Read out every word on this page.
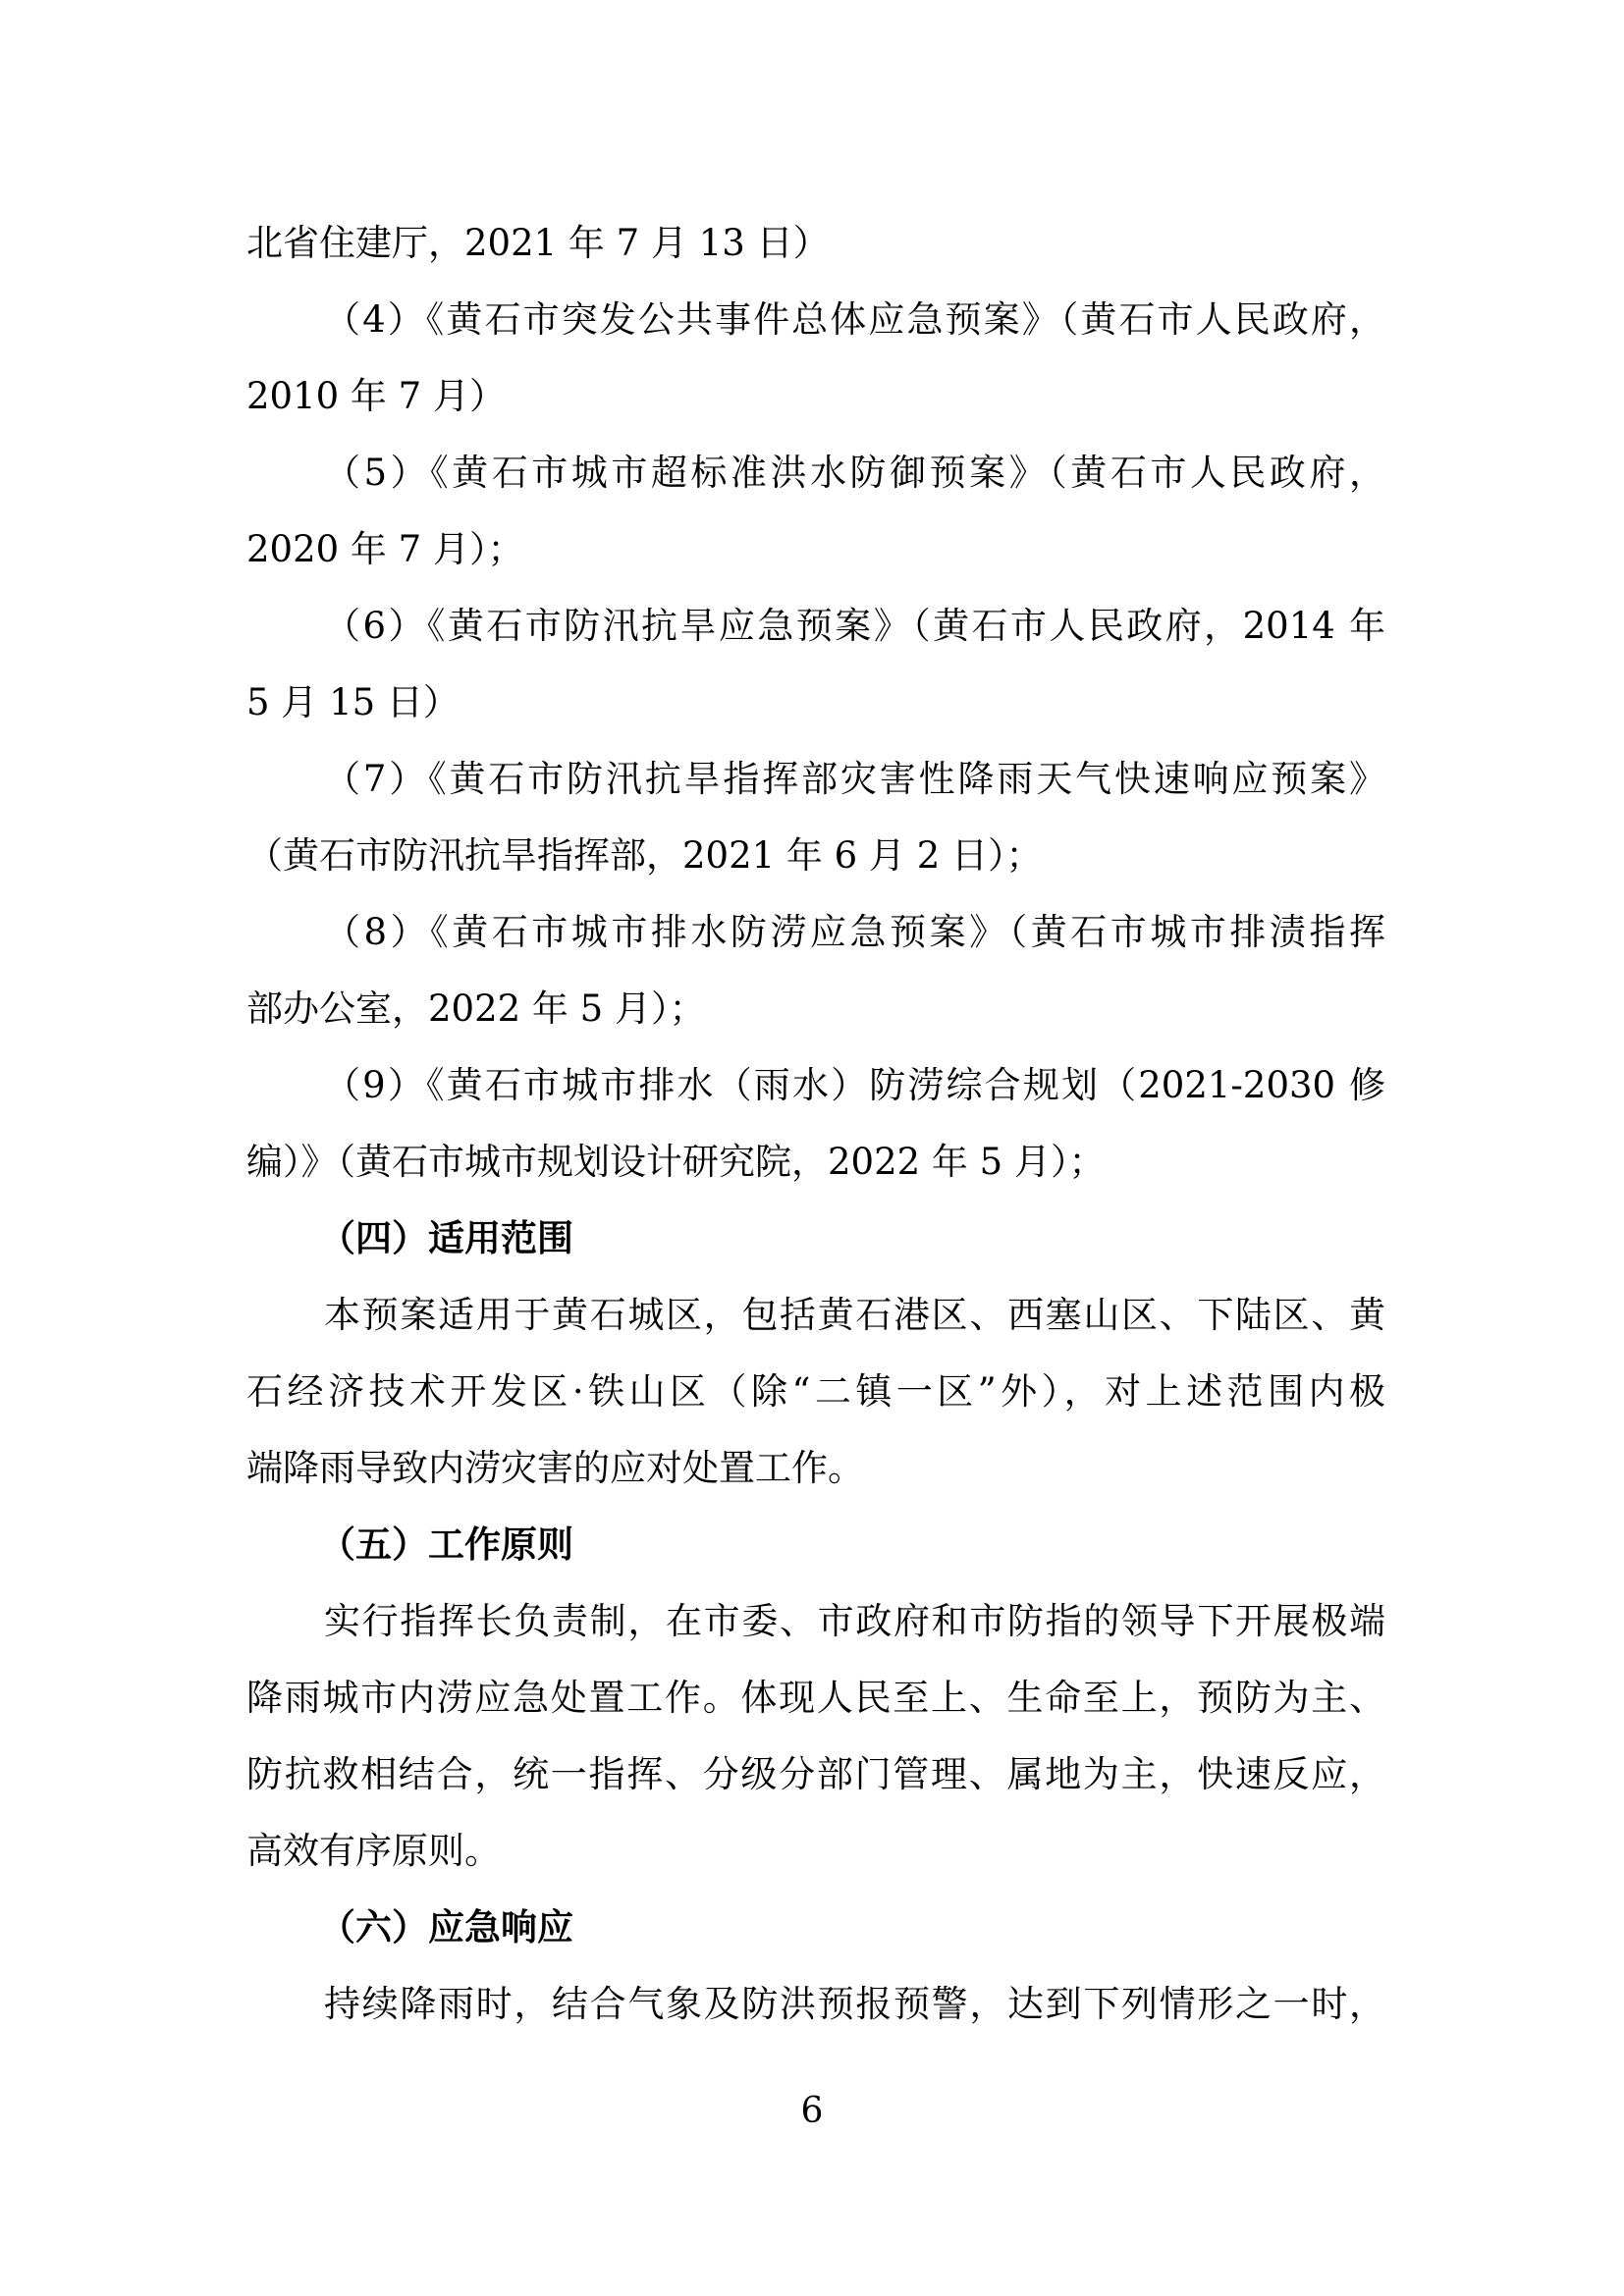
北省住建厅，2021 年 7 月 13 日）
（4）《黄石市突发公共事件总体应急预案》（黄石市人民政府，
2010 年 7 月）
（5）《黄石市城市超标准洪水防御预案》（黄石市人民政府，
2020 年 7 月）；
（6）《黄石市防汛抗旱应急预案》（黄石市人民政府，2014 年
5 月 15 日）
（7）《黄石市防汛抗旱指挥部灾害性降雨天气快速响应预案》
（黄石市防汛抗旱指挥部，2021 年 6 月 2 日）；
（8）《黄石市城市排水防涝应急预案》（黄石市城市排渍指挥
部办公室，2022 年 5 月）；
（9）《黄石市城市排水（雨水）防涝综合规划（2021-2030 修
编）》（黄石市城市规划设计研究院，2022 年 5 月）；
（四）适用范围
本预案适用于黄石城区，包括黄石港区、西塞山区、下陆区、黄
石经济技术开发区·铁山区（除“二镇一区”外），对上述范围内极
端降雨导致内涝灾害的应对处置工作。
（五）工作原则
实行指挥长负责制，在市委、市政府和市防指的领导下开展极端
降雨城市内涝应急处置工作。体现人民至上、生命至上，预防为主、
防抗救相结合，统一指挥、分级分部门管理、属地为主，快速反应，
高效有序原则。
（六）应急响应
持续降雨时，结合气象及防洪预报预警，达到下列情形之一时，
6
